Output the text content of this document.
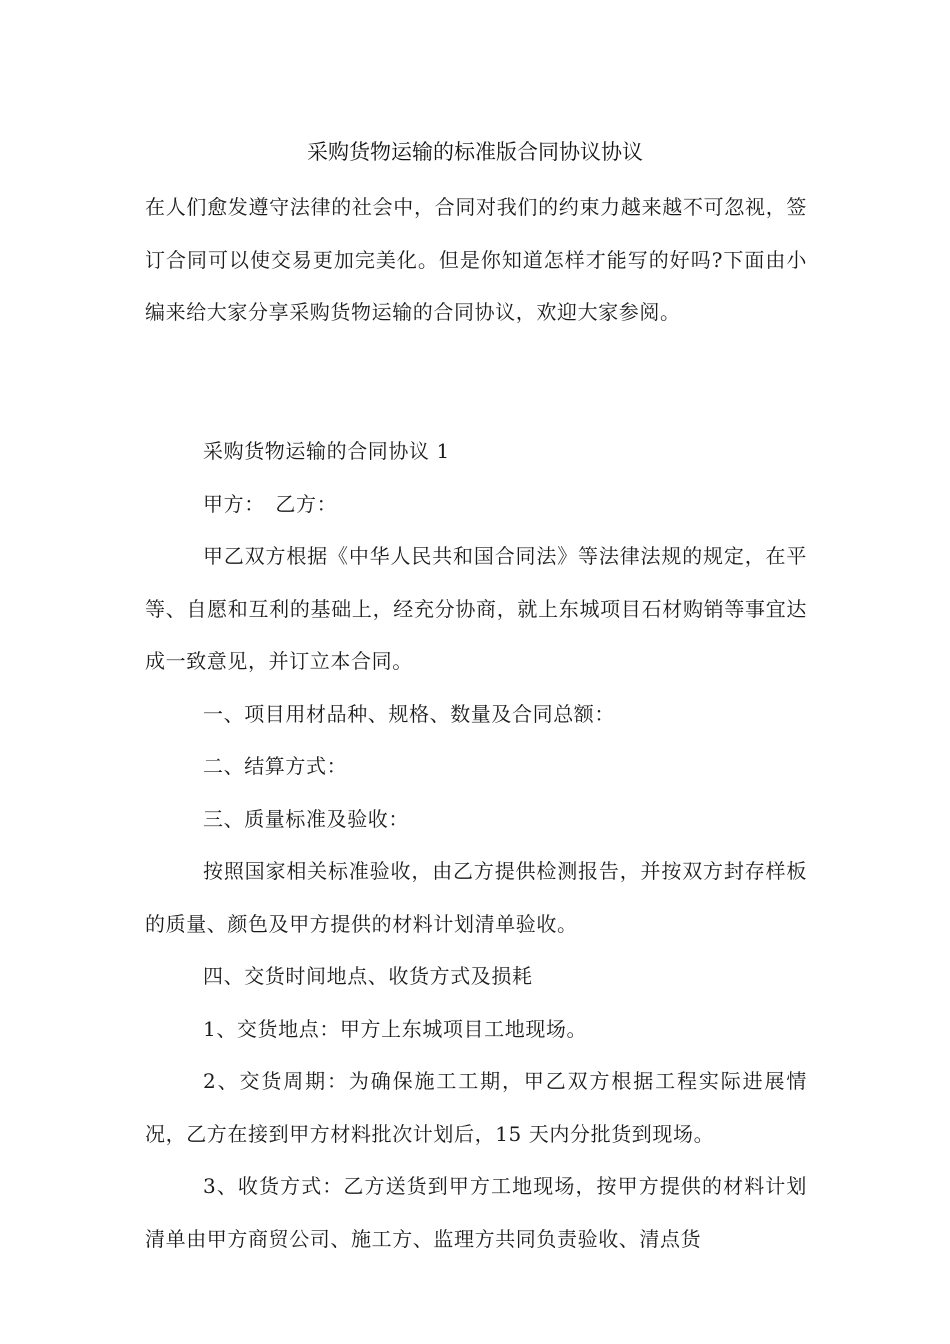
采购货物运输的标准版合同协议协议

在人们愈发遵守法律的社会中，合同对我们的约束力越来越不可忽视，签订合同可以使交易更加完美化。但是你知道怎样才能写的好吗?下面由小编来给大家分享采购货物运输的合同协议，欢迎大家参阅。

采购货物运输的合同协议 1

甲方：　乙方：

甲乙双方根据《中华人民共和国合同法》等法律法规的规定，在平等、自愿和互利的基础上，经充分协商，就上东城项目石材购销等事宜达成一致意见，并订立本合同。

一、项目用材品种、规格、数量及合同总额：

二、结算方式：

三、质量标准及验收：

按照国家相关标准验收，由乙方提供检测报告，并按双方封存样板的质量、颜色及甲方提供的材料计划清单验收。

四、交货时间地点、收货方式及损耗

1、交货地点：甲方上东城项目工地现场。

2、交货周期：为确保施工工期，甲乙双方根据工程实际进展情况，乙方在接到甲方材料批次计划后，15 天内分批货到现场。

3、收货方式：乙方送货到甲方工地现场，按甲方提供的材料计划清单由甲方商贸公司、施工方、监理方共同负责验收、清点货
